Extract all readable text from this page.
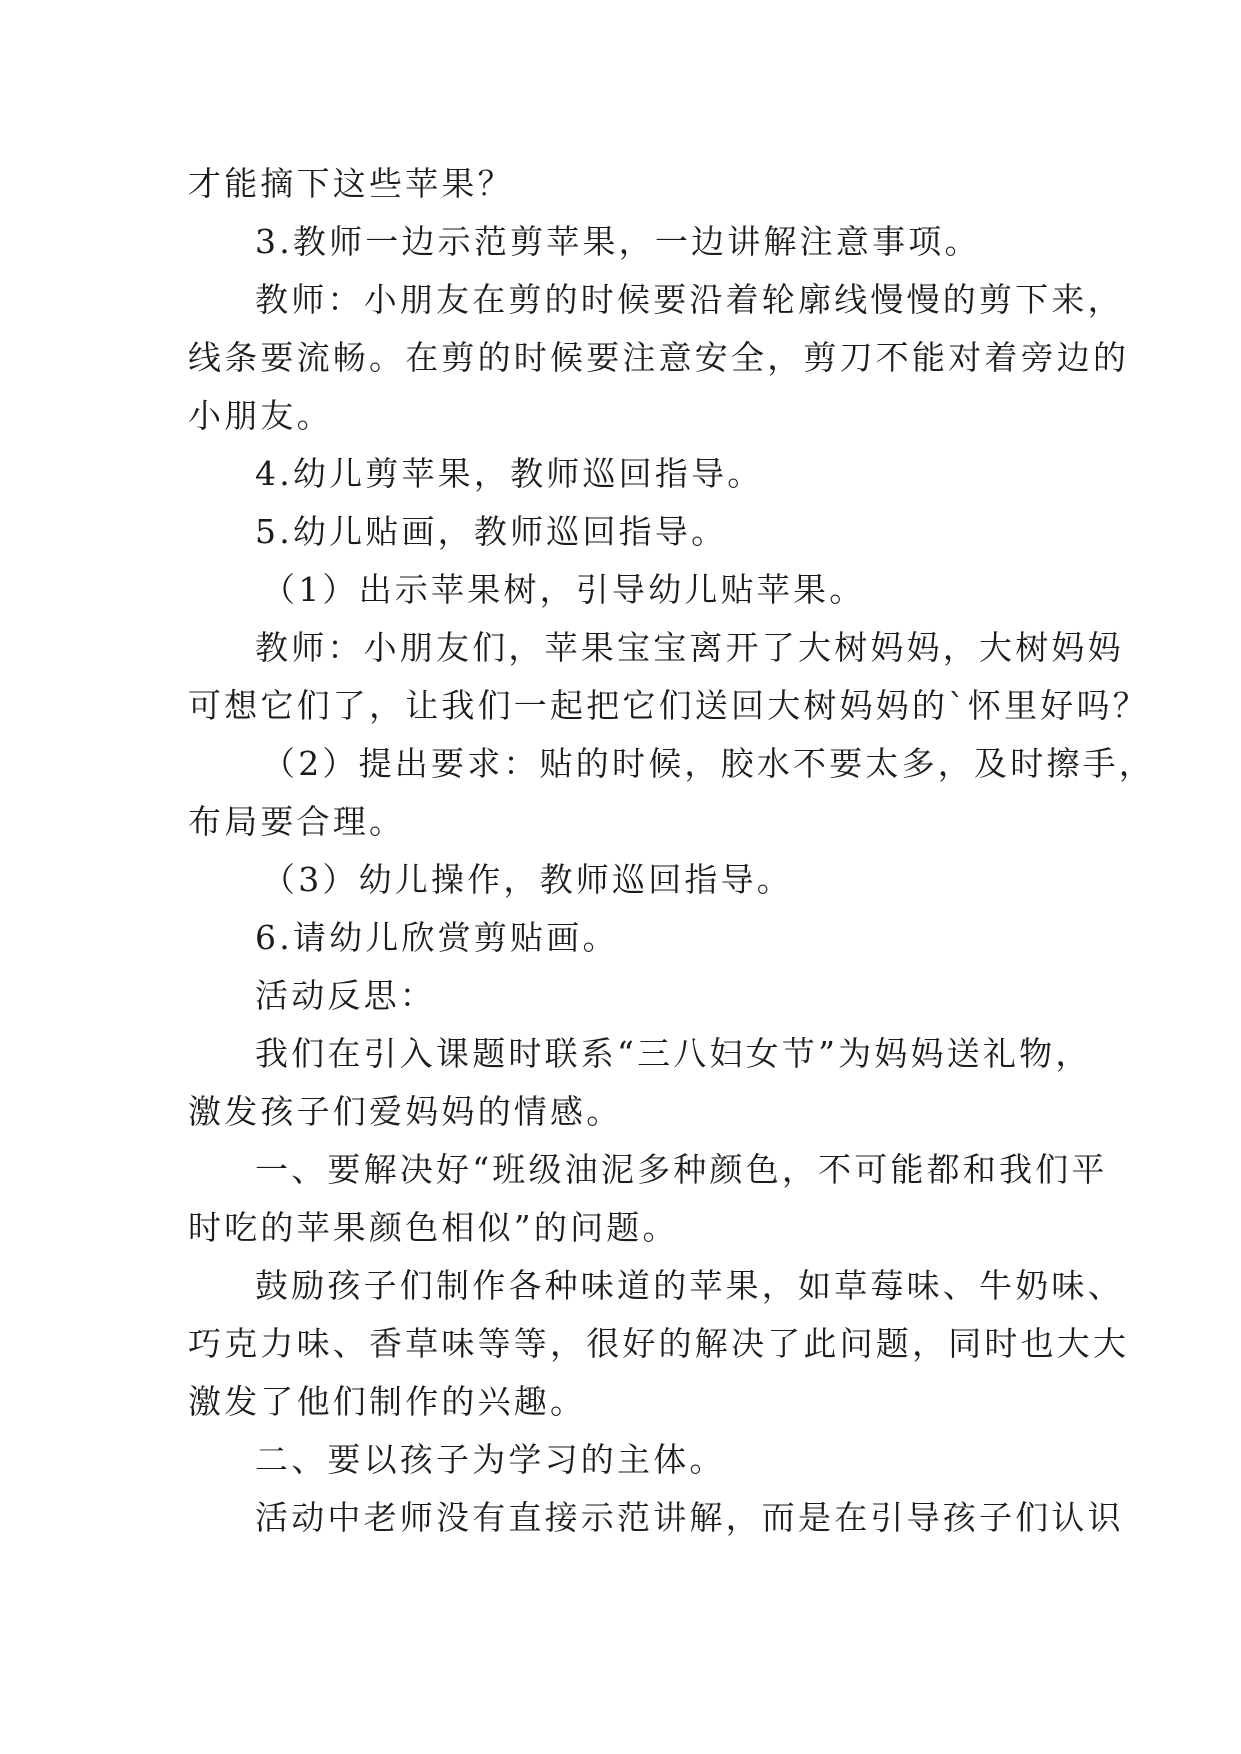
才能摘下这些苹果？
3.教师一边示范剪苹果，一边讲解注意事项。
教师：小朋友在剪的时候要沿着轮廓线慢慢的剪下来，
线条要流畅。在剪的时候要注意安全，剪刀不能对着旁边的
小朋友。
4.幼儿剪苹果，教师巡回指导。
5.幼儿贴画，教师巡回指导。
（1）出示苹果树，引导幼儿贴苹果。
教师：小朋友们，苹果宝宝离开了大树妈妈，大树妈妈
可想它们了，让我们一起把它们送回大树妈妈的`怀里好吗？
（2）提出要求：贴的时候，胶水不要太多，及时擦手，
布局要合理。
（3）幼儿操作，教师巡回指导。
6.请幼儿欣赏剪贴画。
活动反思：
我们在引入课题时联系“三八妇女节”为妈妈送礼物，
激发孩子们爱妈妈的情感。
一、要解决好“班级油泥多种颜色，不可能都和我们平
时吃的苹果颜色相似”的问题。
鼓励孩子们制作各种味道的苹果，如草莓味、牛奶味、
巧克力味、香草味等等，很好的解决了此问题，同时也大大
激发了他们制作的兴趣。
二、要以孩子为学习的主体。
活动中老师没有直接示范讲解，而是在引导孩子们认识
